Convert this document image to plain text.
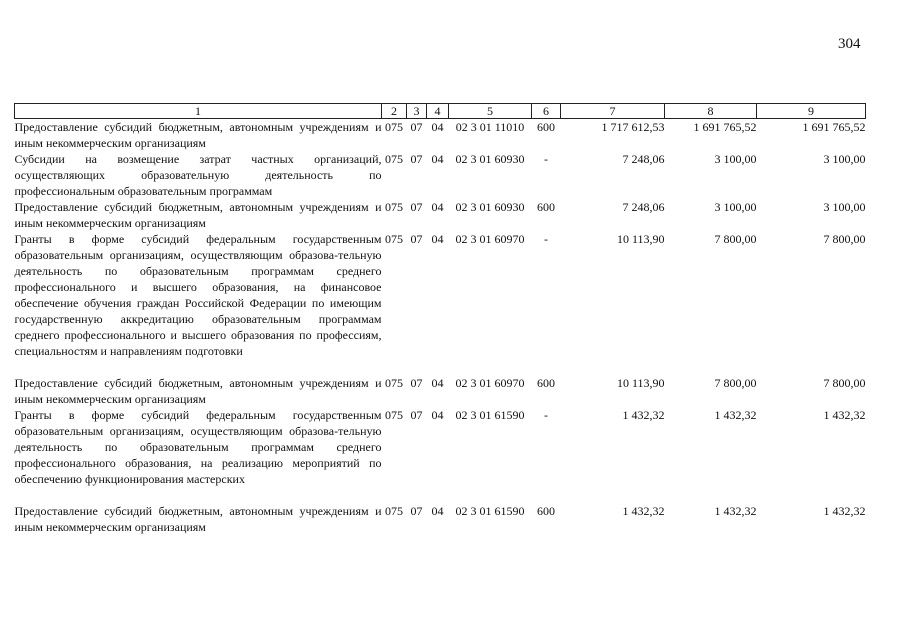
304
1	2	3	4	5	6	7	8	9
Предоставление субсидий бюджетным, автономным учреждениям и иным некоммерческим организациям	075	07	04	02 3 01 11010	600	1 717 612,53	1 691 765,52	1 691 765,52
Субсидии на возмещение затрат частных организаций, осуществляющих образовательную деятельность по профессиональным образовательным программам	075	07	04	02 3 01 60930	-	7 248,06	3 100,00	3 100,00
Предоставление субсидий бюджетным, автономным учреждениям и иным некоммерческим организациям	075	07	04	02 3 01 60930	600	7 248,06	3 100,00	3 100,00
Гранты в форме субсидий федеральным государственным образовательным организациям, осуществляющим образова-тельную деятельность по образовательным программам среднего профессионального и высшего образования, на финансовое обеспечение обучения граждан Российской Федерации по имеющим государственную аккредитацию образовательным программам среднего профессионального и высшего образования по профессиям, специальностям и направлениям подготовки	075	07	04	02 3 01 60970	-	10 113,90	7 800,00	7 800,00

Предоставление субсидий бюджетным, автономным учреждениям и иным некоммерческим организациям	075	07	04	02 3 01 60970	600	10 113,90	7 800,00	7 800,00
Гранты в форме субсидий федеральным государственным образовательным организациям, осуществляющим образова-тельную деятельность по образовательным программам среднего профессионального образования, на реализацию мероприятий по обеспечению функционирования мастерских	075	07	04	02 3 01 61590	-	1 432,32	1 432,32	1 432,32

Предоставление субсидий бюджетным, автономным учреждениям и иным некоммерческим организациям	075	07	04	02 3 01 61590	600	1 432,32	1 432,32	1 432,32
